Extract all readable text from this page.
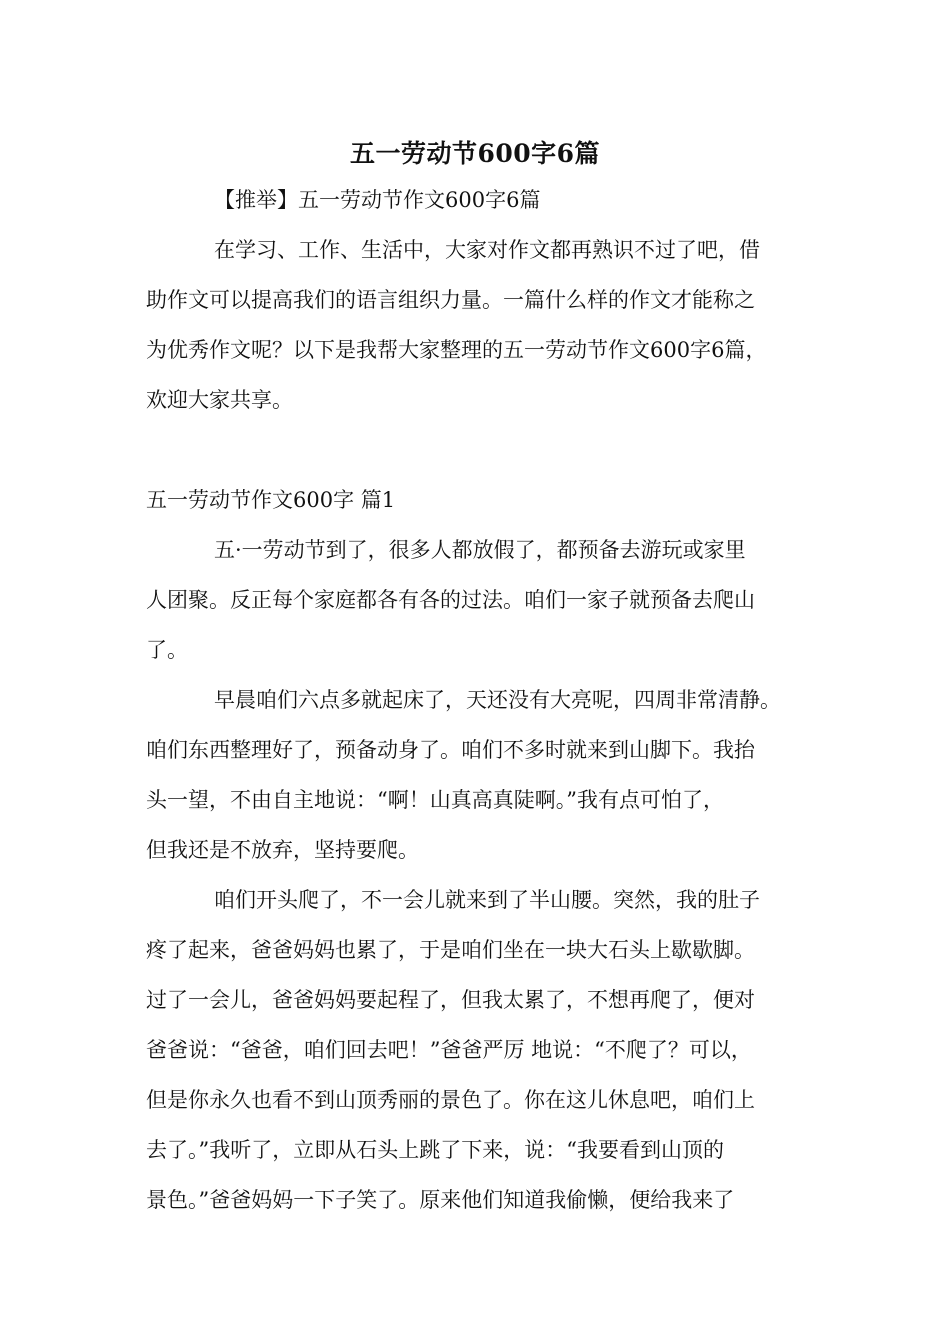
五一劳动节600字6篇
【推举】五一劳动节作文600字6篇
在学习、工作、生活中，大家对作文都再熟识不过了吧，借
助作文可以提高我们的语言组织力量。一篇什么样的作文才能称之
为优秀作文呢？以下是我帮大家整理的五一劳动节作文600字6篇，
欢迎大家共享。
五一劳动节作文600字 篇1
五·一劳动节到了，很多人都放假了，都预备去游玩或家里
人团聚。反正每个家庭都各有各的过法。咱们一家子就预备去爬山
了。
早晨咱们六点多就起床了，天还没有大亮呢，四周非常清静。
咱们东西整理好了，预备动身了。咱们不多时就来到山脚下。我抬
头一望，不由自主地说：“啊！山真高真陡啊。”我有点可怕了，
但我还是不放弃，坚持要爬。
咱们开头爬了，不一会儿就来到了半山腰。突然，我的肚子
疼了起来，爸爸妈妈也累了，于是咱们坐在一块大石头上歇歇脚。
过了一会儿，爸爸妈妈要起程了，但我太累了，不想再爬了，便对
爸爸说：“爸爸，咱们回去吧！”爸爸严厉 地说：“不爬了？可以，
但是你永久也看不到山顶秀丽的景色了。你在这儿休息吧，咱们上
去了。”我听了，立即从石头上跳了下来，说：“我要看到山顶的
景色。”爸爸妈妈一下子笑了。原来他们知道我偷懒，便给我来了
